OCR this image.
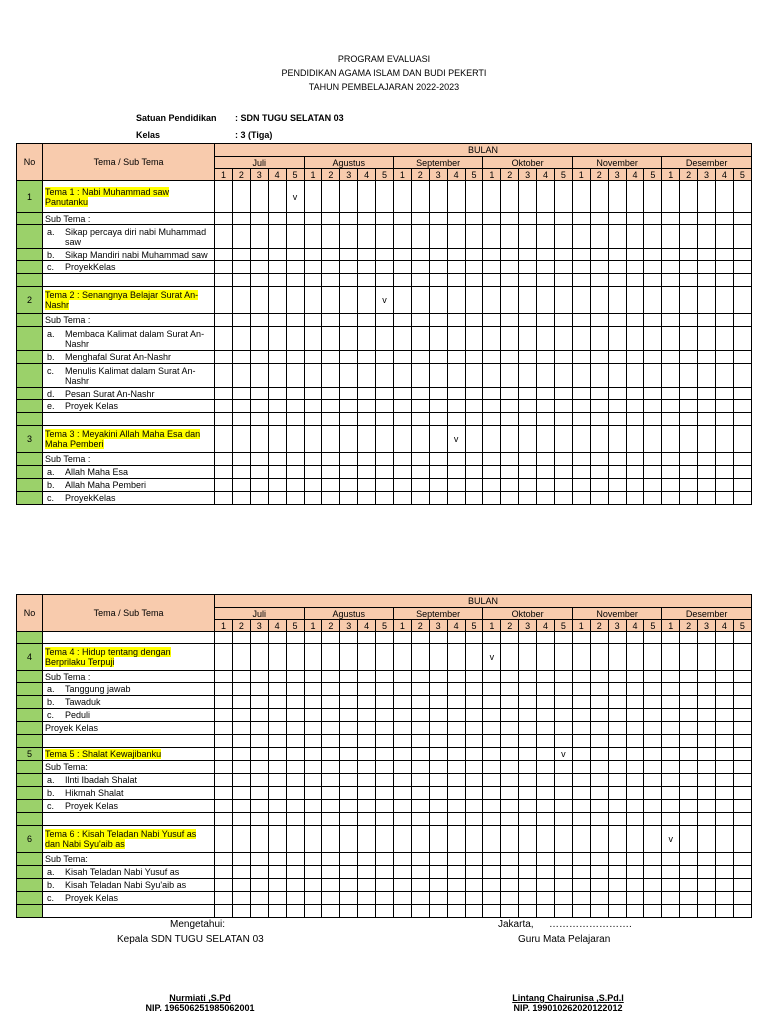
PROGRAM EVALUASI
PENDIDIKAN AGAMA ISLAM DAN BUDI PEKERTI
TAHUN PEMBELAJARAN 2022-2023
Satuan Pendidikan : SDN TUGU SELATAN 03
Kelas	: 3 (Tiga)
No	Tema / Sub Tema	BULAN																													
		Juli					Agustus					September					Oktober					November					Desember				
		1	2	3	4	5	1	2	3	4	5	1	2	3	4	5	1	2	3	4	5	1	2	3	4	5	1	2	3	4	5
1	Tema 1 : Nabi Muhammad saw Panutanku					v																									
	Sub Tema :																														

	a. Sikap percaya diri nabi Muhammad saw																														

	b. Sikap Mandiri nabi Muhammad saw																														

	c. ProyekKelas																														

2	Tema 2 : Senangnya Belajar Surat An-Nashr										v																				
	Sub Tema :																														

	a. Membaca Kalimat dalam Surat An-Nashr																														

	b. Menghafal Surat An-Nashr																														

	c. Menulis Kalimat dalam Surat An-Nashr																														

	d. Pesan Surat An-Nashr																														

	e. Proyek Kelas																														

3	Tema 3 : Meyakini Allah Maha Esa dan Maha Pemberi														v																
	Sub Tema :																														

	a. Allah Maha Esa																														

	b. Allah Maha Pemberi																														

	c. ProyekKelas																														

No	Tema / Sub Tema	BULAN																													
		Juli					Agustus					September					Oktober					November					Desember				
		1	2	3	4	5	1	2	3	4	5	1	2	3	4	5	1	2	3	4	5	1	2	3	4	5	1	2	3	4	5

4	Tema 4 : Hidup tentang dengan Berprilaku Terpuji																v														
	Sub Tema :																														

	a. Tanggung jawab																														

	b. Tawaduk																														

	c. Peduli																														

	Proyek Kelas																														

5	Tema 5 : Shalat Kewajibanku																				v										
	Sub Tema:																														

	a. Ilnti Ibadah Shalat																														

	b. Hikmah Shalat																														

	c. Proyek Kelas																														

6	Tema 6 : Kisah Teladan Nabi Yusuf as dan Nabi Syu'aib as																										v				
	Sub Tema:																														

	a. Kisah Teladan Nabi Yusuf as																														

	b. Kisah Teladan Nabi Syu'aib as																														

	c. Proyek Kelas																														

Mengetahui:
Kepala SDN TUGU SELATAN 03
Jakarta, …………………….
Guru Mata Pelajaran
Nurmiati ,S.Pd
NIP. 196506251985062001
Lintang Chairunisa ,S.Pd.I
NIP. 199010262020122012
